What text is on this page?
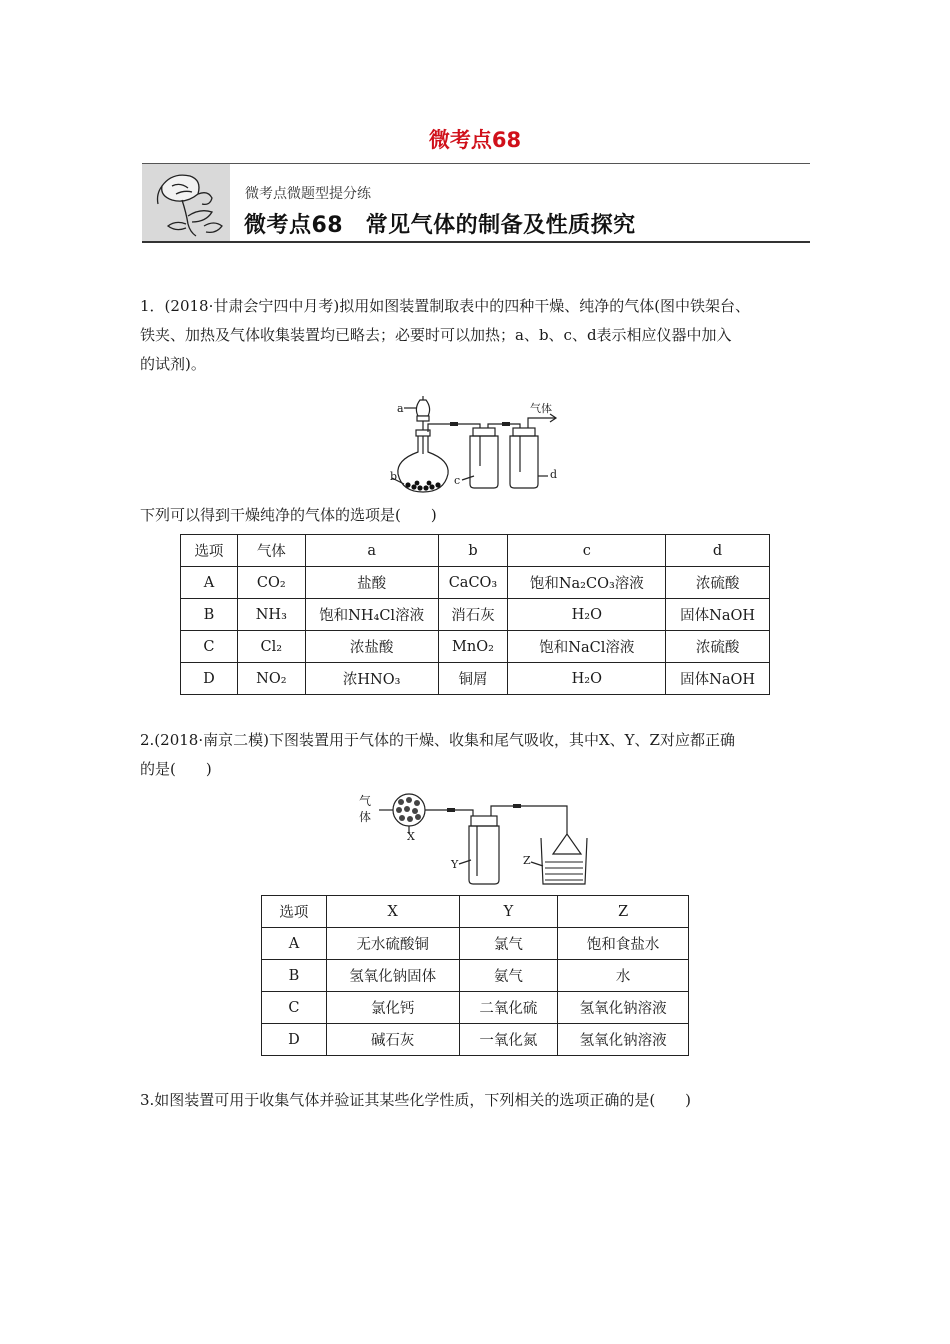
微考点68
微考点微题型提分练
微考点68　常见气体的制备及性质探究
1．(2018·甘肃会宁四中月考)拟用如图装置制取表中的四种干燥、纯净的气体(图中铁架台、
铁夹、加热及气体收集装置均已略去；必要时可以加热；a、b、c、d表示相应仪器中加入
的试剂)。
a
b	c	d
气体
下列可以得到干燥纯净的气体的选项是(　　)
选项	气体	a	b	c	d
A	CO₂	盐酸	CaCO₃	饱和Na₂CO₃溶液	浓硫酸
B	NH₃	饱和NH₄Cl溶液	消石灰	H₂O	固体NaOH
C	Cl₂	浓盐酸	MnO₂	饱和NaCl溶液	浓硫酸
D	NO₂	浓HNO₃	铜屑	H₂O	固体NaOH
2.(2018·南京二模)下图装置用于气体的干燥、收集和尾气吸收，其中X、Y、Z对应都正确
的是(　　)
气
体
X
Y	Z
选项	X	Y	Z
A	无水硫酸铜	氯气	饱和食盐水
B	氢氧化钠固体	氨气	水
C	氯化钙	二氧化硫	氢氧化钠溶液
D	碱石灰	一氧化氮	氢氧化钠溶液
3.如图装置可用于收集气体并验证其某些化学性质，下列相关的选项正确的是(　　)
